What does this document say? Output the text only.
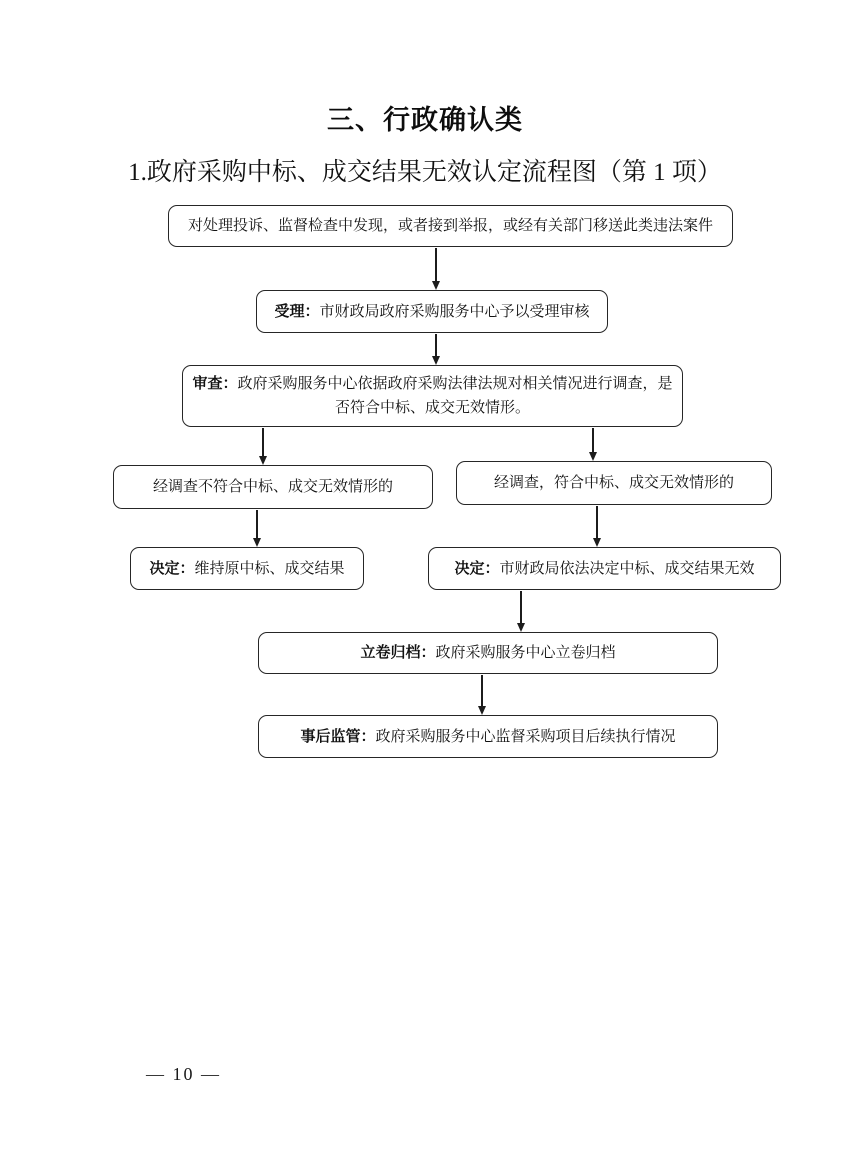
三、行政确认类
1.政府采购中标、成交结果无效认定流程图（第 1 项）

对处理投诉、监督检查中发现，或者接到举报，或经有关部门移送此类违法案件

受理：市财政局政府采购服务中心予以受理审核

审查：政府采购服务中心依据政府采购法律法规对相关情况进行调查，是否符合中标、成交无效情形。

经调查不符合中标、成交无效情形的	经调查，符合中标、成交无效情形的

决定：维持原中标、成交结果	决定：市财政局依法决定中标、成交结果无效

立卷归档：政府采购服务中心立卷归档

事后监管：政府采购服务中心监督采购项目后续执行情况

— 10 —
